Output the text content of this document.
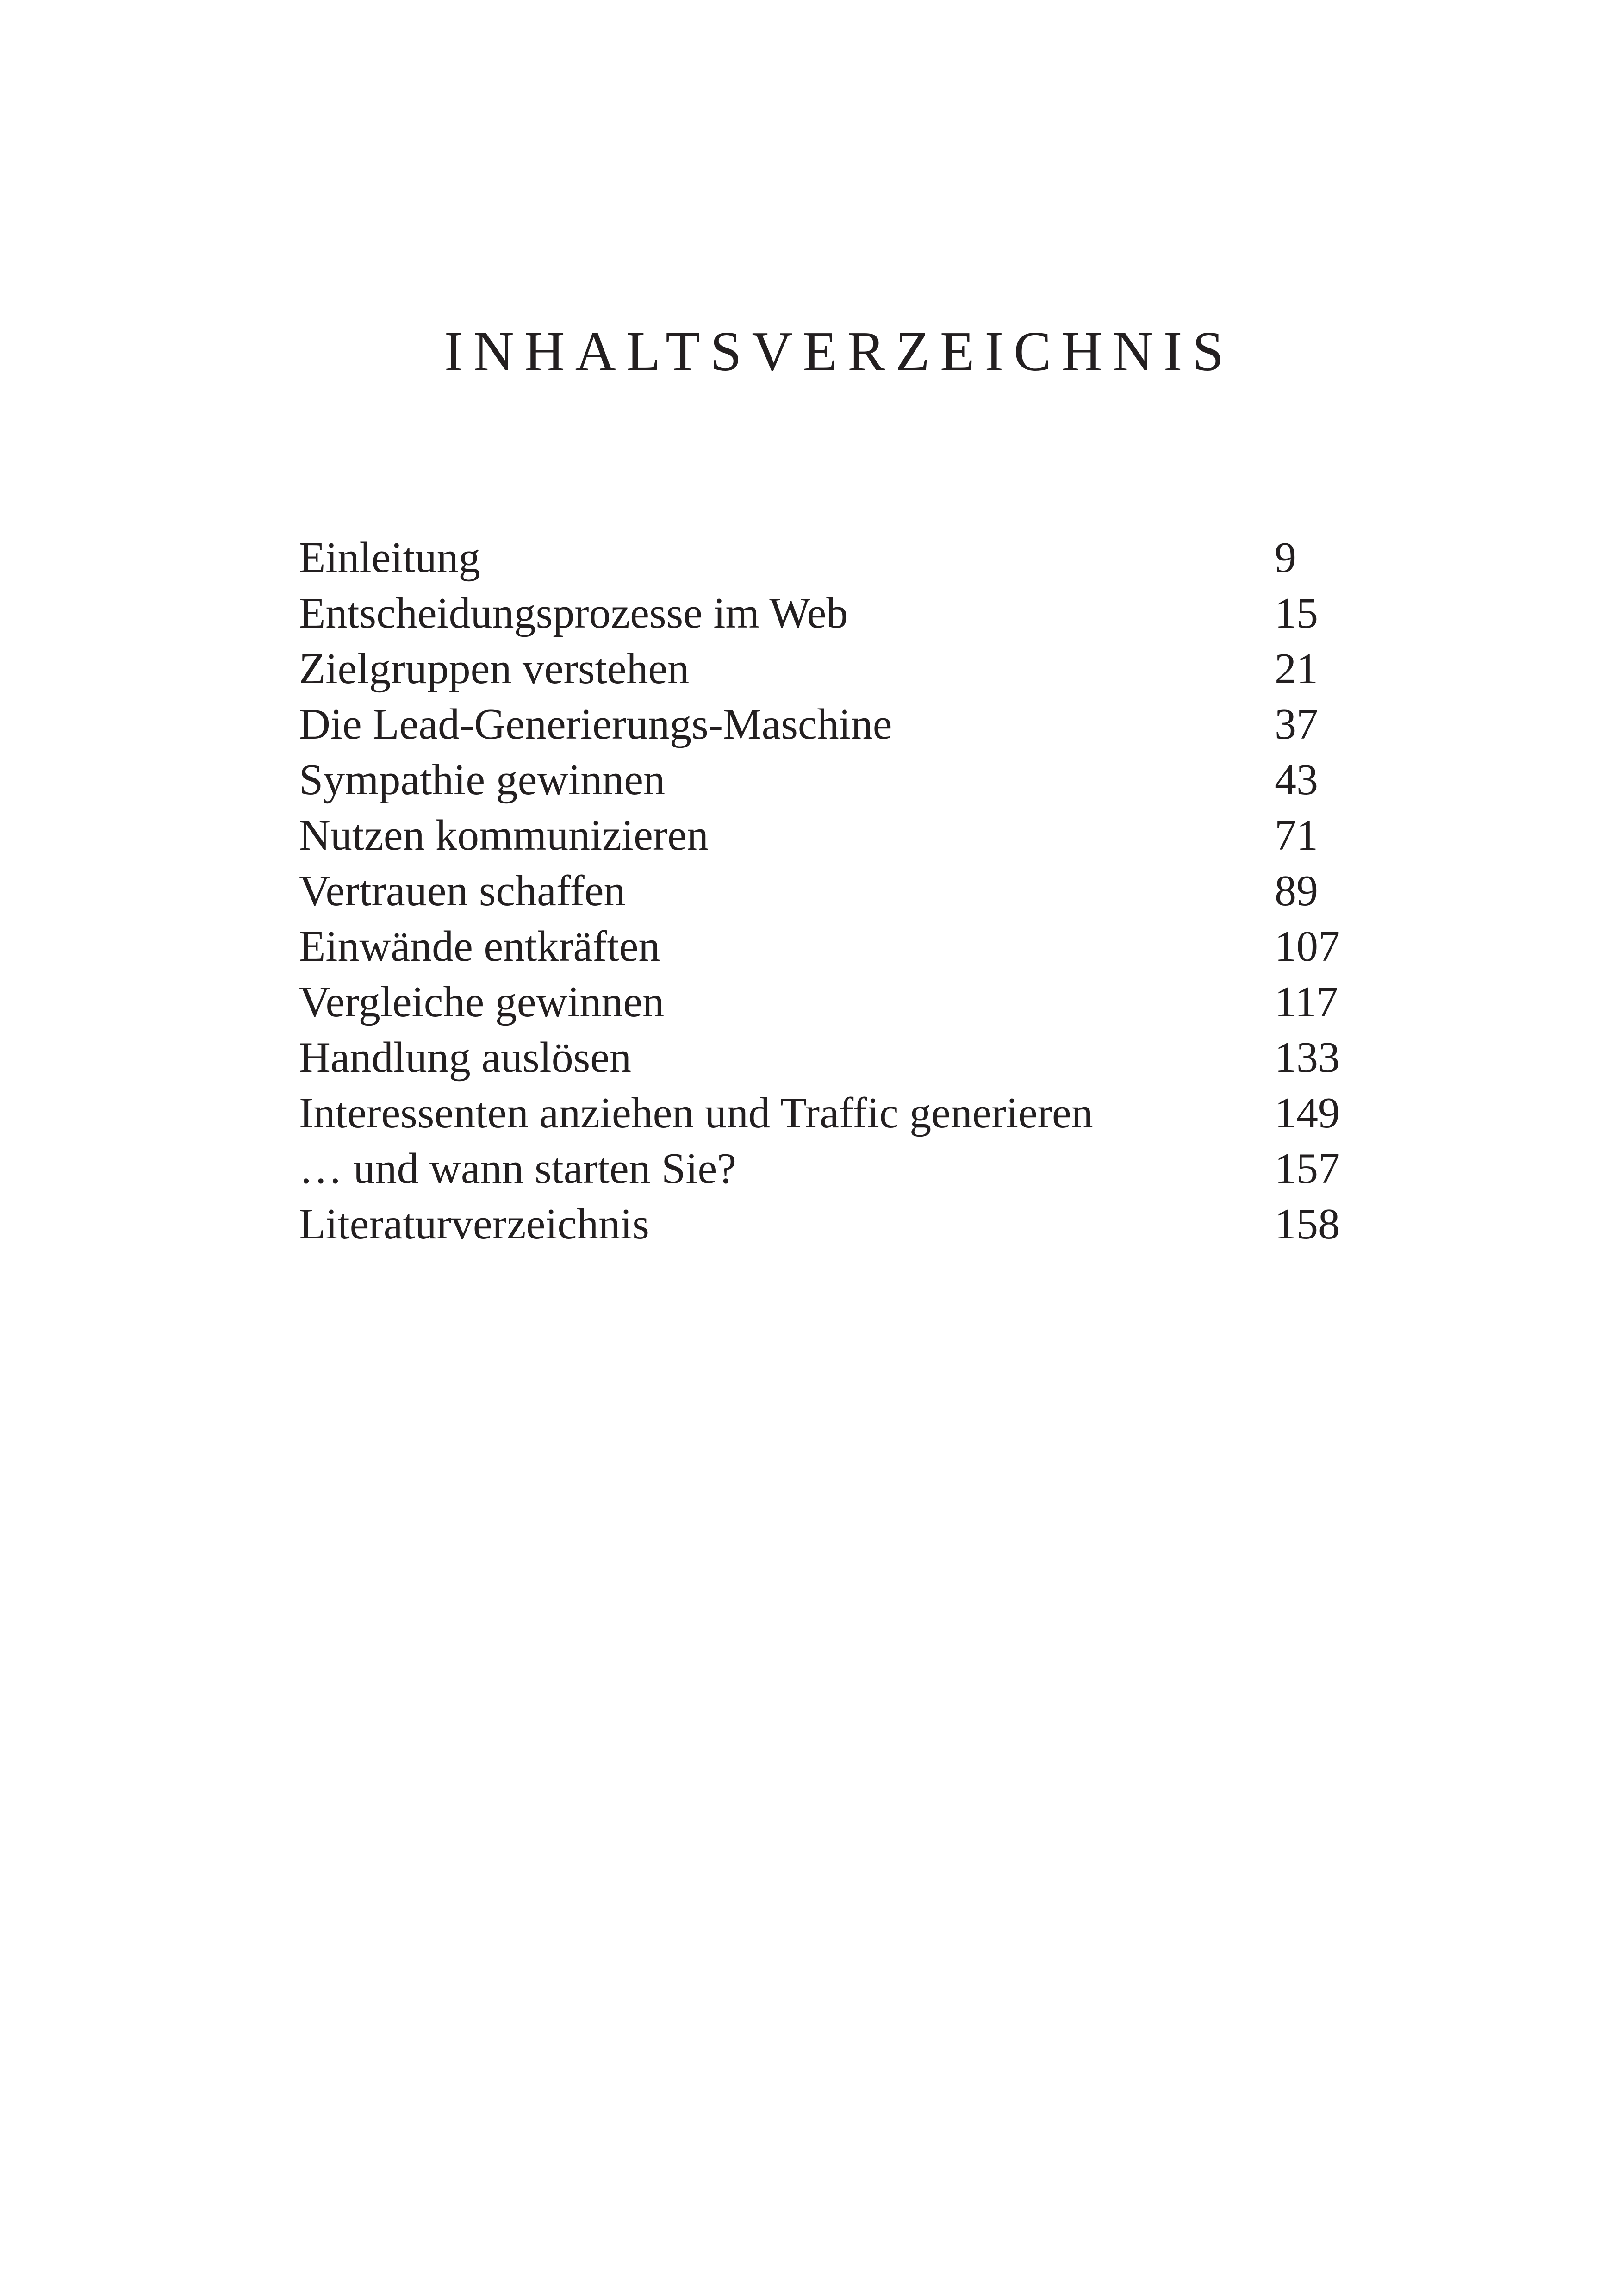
INHALTSVERZEICHNIS
Einleitung	9
Entscheidungsprozesse im Web	15
Zielgruppen verstehen	21
Die Lead-Generierungs-Maschine	37
Sympathie gewinnen	43
Nutzen kommunizieren	71
Vertrauen schaffen	89
Einwände entkräften	107
Vergleiche gewinnen	117
Handlung auslösen	133
Interessenten anziehen und Traffic generieren	149
… und wann starten Sie?	157
Literaturverzeichnis	158
